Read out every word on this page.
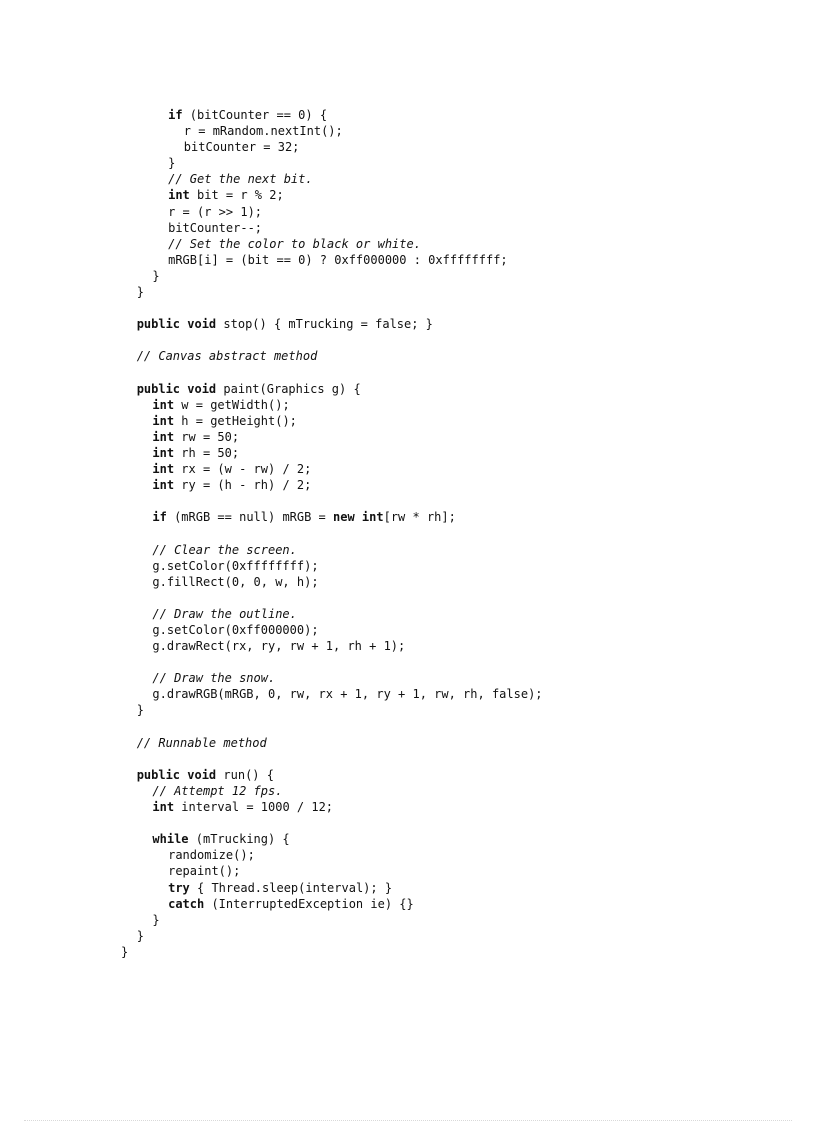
if (bitCounter == 0) {
r = mRandom.nextInt();
bitCounter = 32;
}
// Get the next bit.
int bit = r % 2;
r = (r >> 1);
bitCounter--;
// Set the color to black or white.
mRGB[i] = (bit == 0) ? 0xff000000 : 0xffffffff;
}
}
public void stop() { mTrucking = false; }
// Canvas abstract method
public void paint(Graphics g) {
int w = getWidth();
int h = getHeight();
int rw = 50;
int rh = 50;
int rx = (w - rw) / 2;
int ry = (h - rh) / 2;
if (mRGB == null) mRGB = new int[rw * rh];
// Clear the screen.
g.setColor(0xffffffff);
g.fillRect(0, 0, w, h);
// Draw the outline.
g.setColor(0xff000000);
g.drawRect(rx, ry, rw + 1, rh + 1);
// Draw the snow.
g.drawRGB(mRGB, 0, rw, rx + 1, ry + 1, rw, rh, false);
}
// Runnable method
public void run() {
// Attempt 12 fps.
int interval = 1000 / 12;
while (mTrucking) {
randomize();
repaint();
try { Thread.sleep(interval); }
catch (InterruptedException ie) {}
}
}
}
